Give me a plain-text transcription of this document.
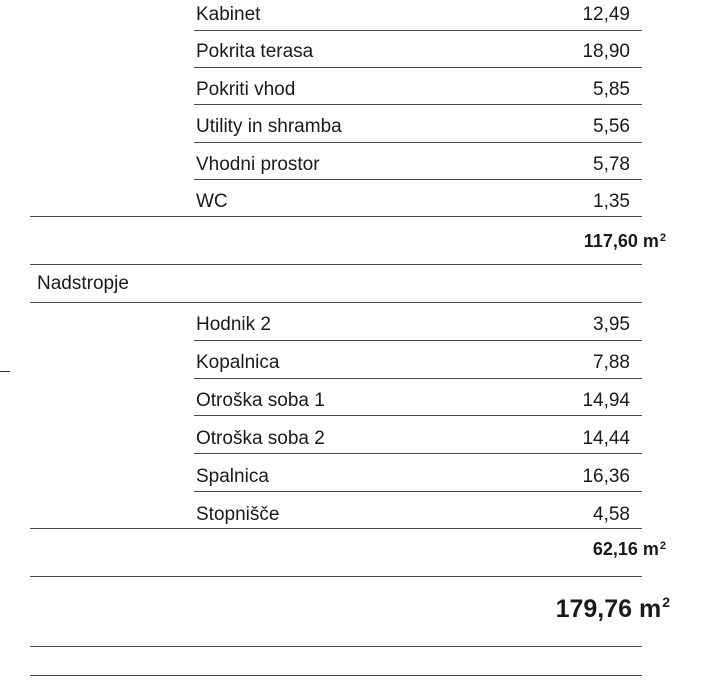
Kabinet	12,49
Pokrita terasa	18,90
Pokriti vhod	5,85
Utility in shramba	5,56
Vhodni prostor	5,78
WC	1,35
117,60 $m^2$
Nadstropje
Hodnik 2	3,95
Kopalnica	7,88
Otroška soba 1	14,94
Otroška soba 2	14,44
Spalnica	16,36
Stopnišče	4,58
62,16 $m^2$
179,76 $m^2$
